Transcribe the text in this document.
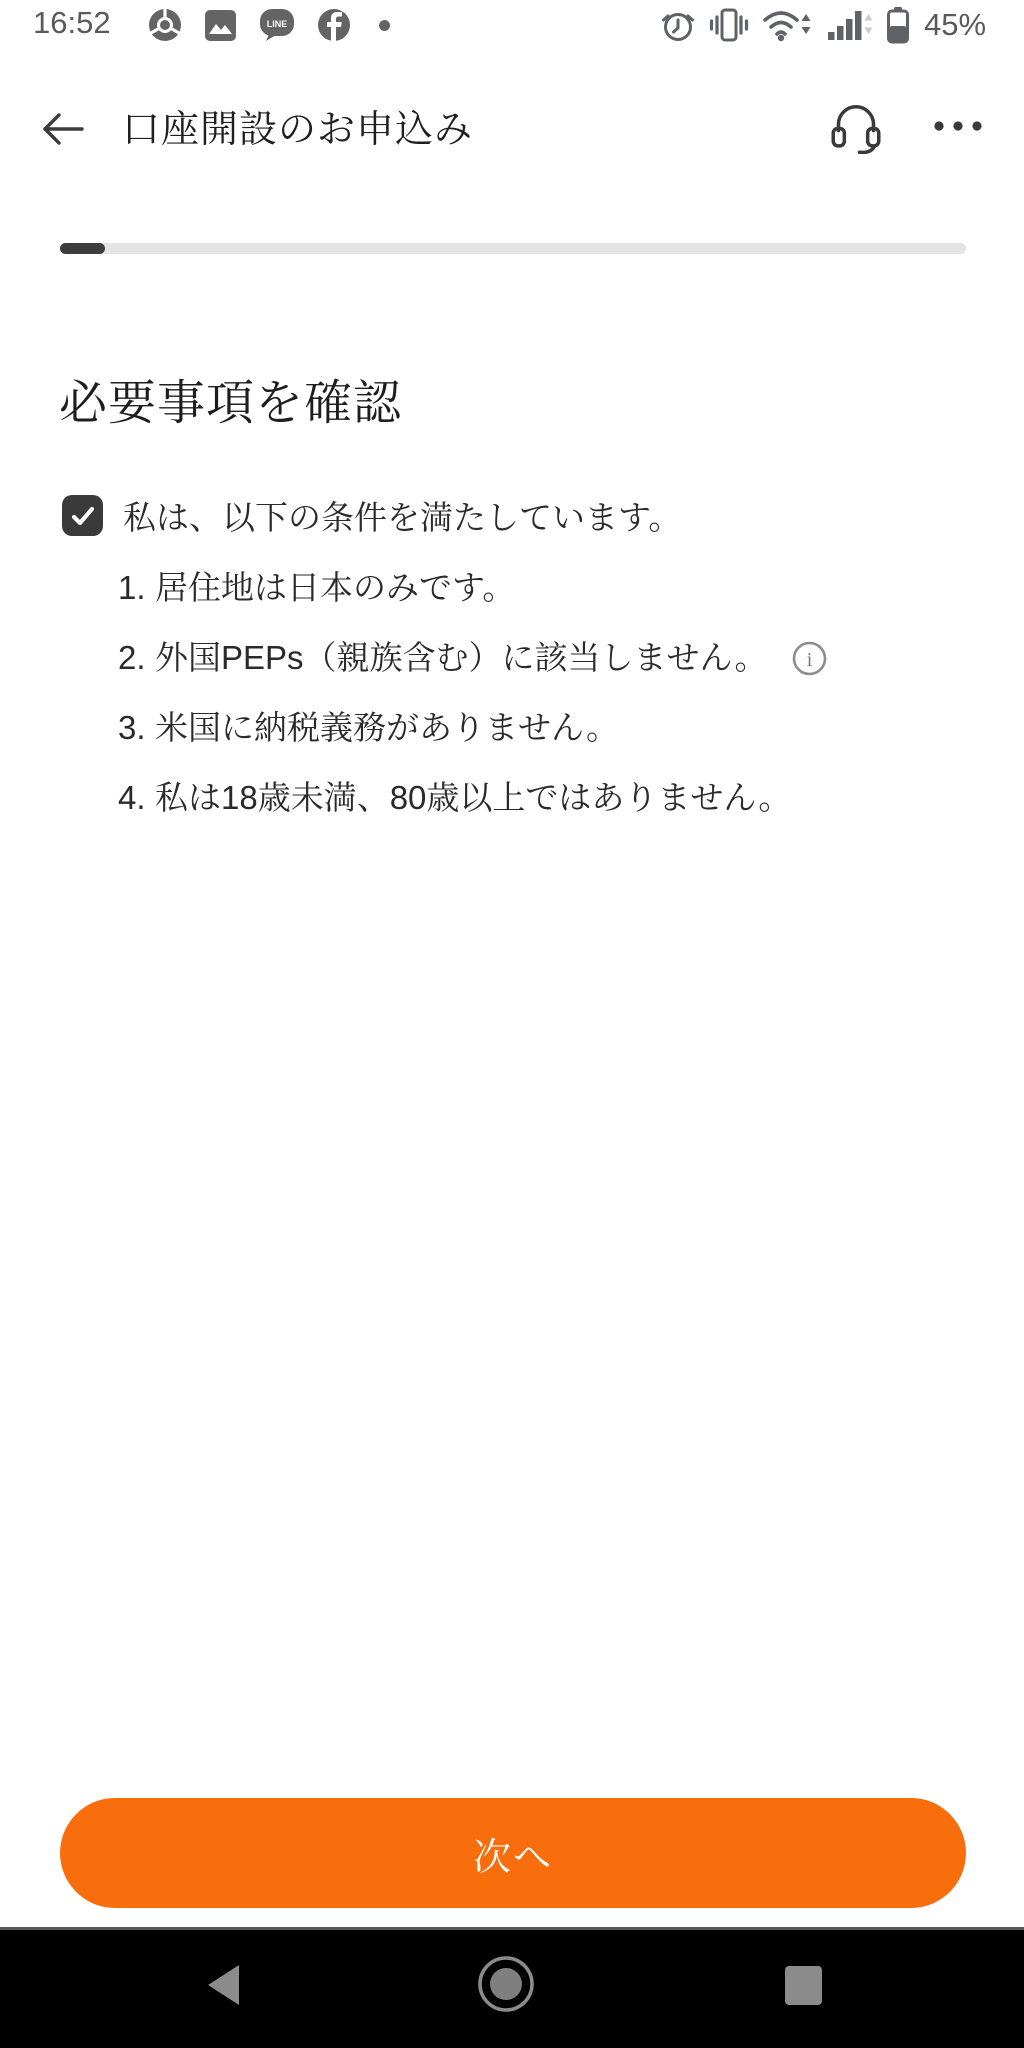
16:52	LINE	45%
口座開設のお申込み
必要事項を確認
私は、以下の条件を満たしています。
1. 居住地は日本のみです。
2. 外国PEPs（親族含む）に該当しません。 i
3. 米国に納税義務がありません。
4. 私は18歳未満、80歳以上ではありません。
次へ
